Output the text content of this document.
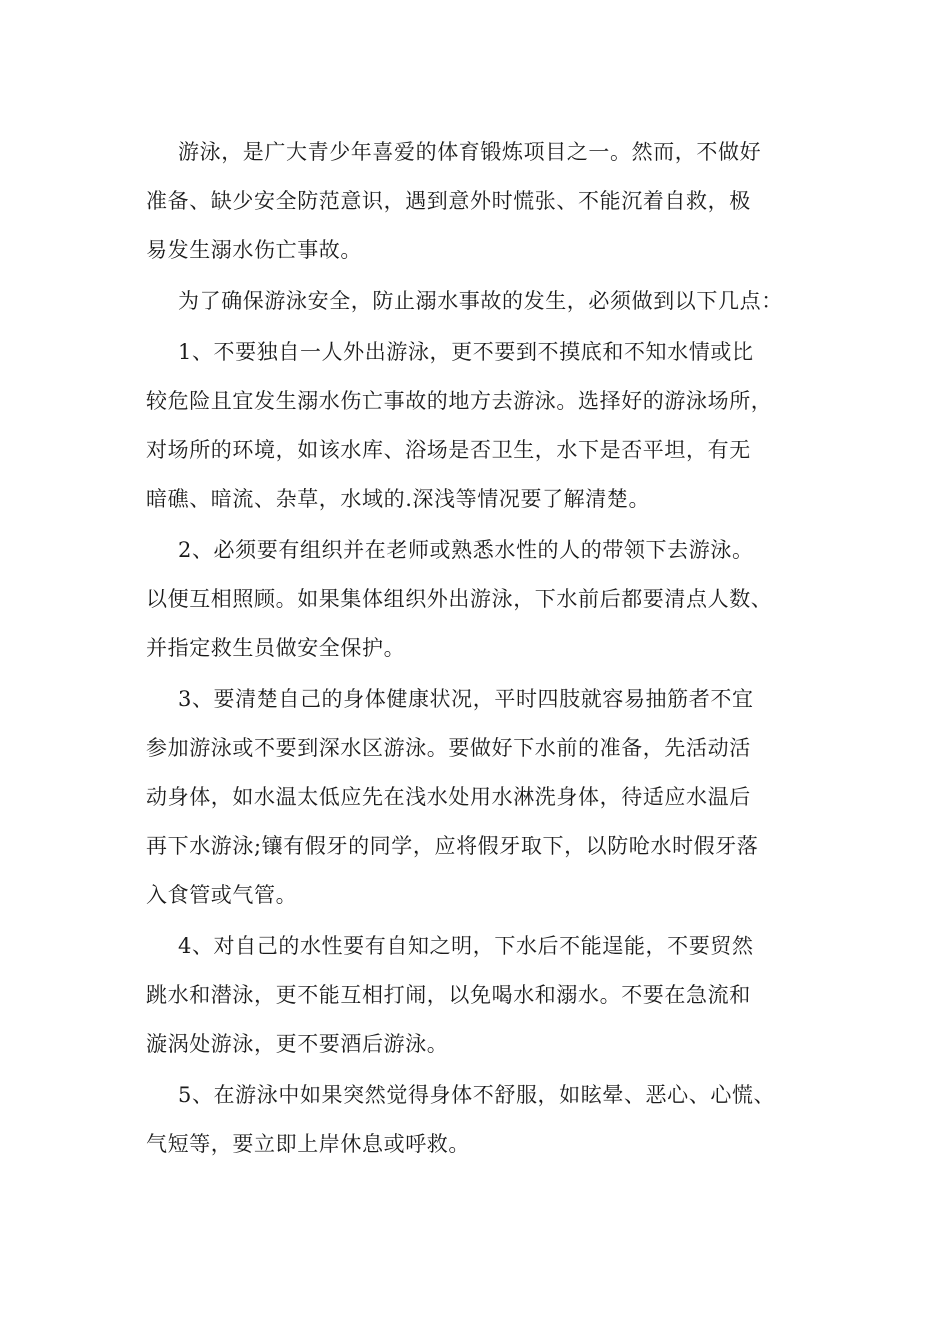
游泳，是广大青少年喜爱的体育锻炼项目之一。然而，不做好
准备、缺少安全防范意识，遇到意外时慌张、不能沉着自救，极
易发生溺水伤亡事故。
为了确保游泳安全，防止溺水事故的发生，必须做到以下几点：
1、不要独自一人外出游泳，更不要到不摸底和不知水情或比
较危险且宜发生溺水伤亡事故的地方去游泳。选择好的游泳场所，
对场所的环境，如该水库、浴场是否卫生，水下是否平坦，有无
暗礁、暗流、杂草，水域的.深浅等情况要了解清楚。
2、必须要有组织并在老师或熟悉水性的人的带领下去游泳。
以便互相照顾。如果集体组织外出游泳，下水前后都要清点人数、
并指定救生员做安全保护。
3、要清楚自己的身体健康状况，平时四肢就容易抽筋者不宜
参加游泳或不要到深水区游泳。要做好下水前的准备，先活动活
动身体，如水温太低应先在浅水处用水淋洗身体，待适应水温后
再下水游泳;镶有假牙的同学，应将假牙取下，以防呛水时假牙落
入食管或气管。
4、对自己的水性要有自知之明，下水后不能逞能，不要贸然
跳水和潜泳，更不能互相打闹，以免喝水和溺水。不要在急流和
漩涡处游泳，更不要酒后游泳。
5、在游泳中如果突然觉得身体不舒服，如眩晕、恶心、心慌、
气短等，要立即上岸休息或呼救。
